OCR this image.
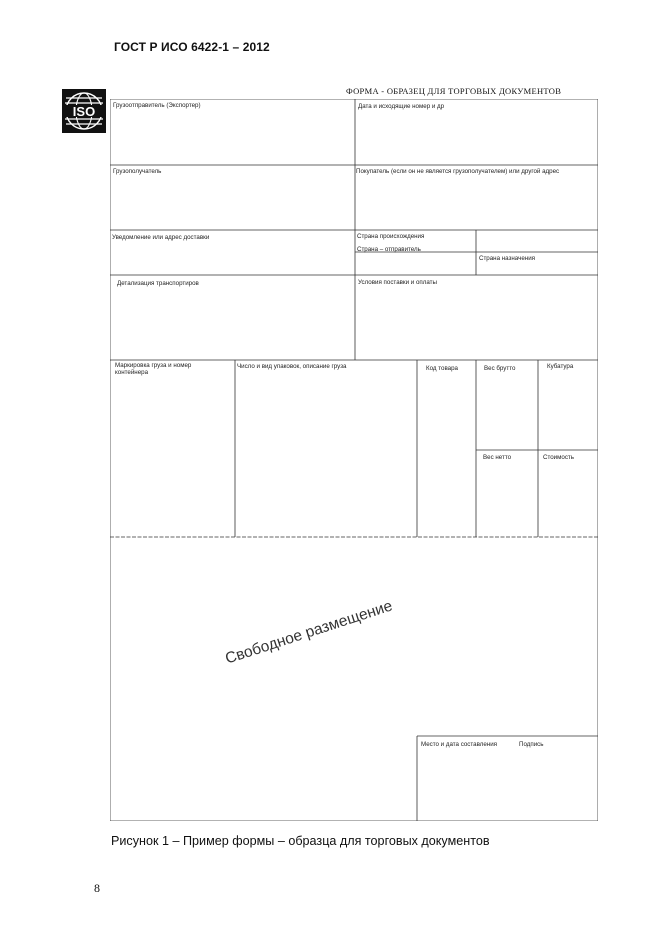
ГОСТ Р ИСО 6422-1 – 2012
ISO
ФОРМА - ОБРАЗЕЦ ДЛЯ ТОРГОВЫХ ДОКУМЕНТОВ
Грузоотправитель (Экспортер)	Дата и исходящие номер и др
Грузополучатель	Покупатель (если он не является грузополучателем) или другой адрес
Уведомление или адрес доставки	Страна происхождения
Страна – отправитель
Страна назначения
Детализация транспортиров	Условия поставки и оплаты
Маркировка груза и номер контейнера
Число и вид упаковок, описание груза	Код товара	Вес брутто	Кубатура
Вес нетто	Стоимость
Место и дата составления	Подпись
Свободное размещение
Рисунок 1 – Пример формы – образца для торговых документов
8
